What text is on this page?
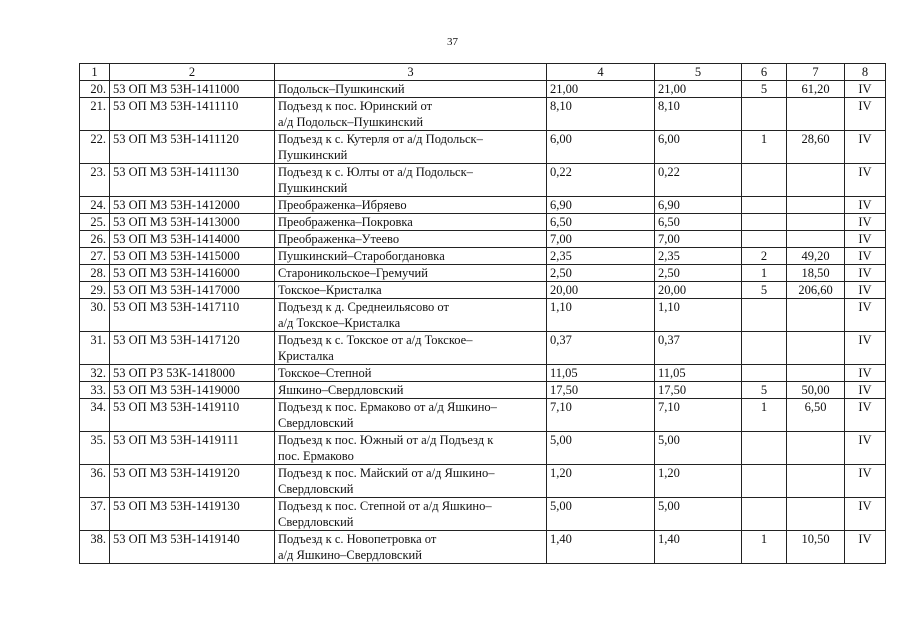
37
1	2	3	4	5	6	7	8
20.	53 ОП МЗ 53Н-1411000	Подольск–Пушкинский	21,00	21,00	5	61,20	IV
21.	53 ОП МЗ 53Н-1411110	Подъезд к пос. Юринский от
а/д Подольск–Пушкинский	8,10	8,10			IV
22.	53 ОП МЗ 53Н-1411120	Подъезд к с. Кутерля от а/д Подольск–
Пушкинский	6,00	6,00	1	28,60	IV
23.	53 ОП МЗ 53Н-1411130	Подъезд к с. Юлты от а/д Подольск–
Пушкинский	0,22	0,22			IV
24.	53 ОП МЗ 53Н-1412000	Преображенка–Ибряево	6,90	6,90			IV
25.	53 ОП МЗ 53Н-1413000	Преображенка–Покровка	6,50	6,50			IV
26.	53 ОП МЗ 53Н-1414000	Преображенка–Утеево	7,00	7,00			IV
27.	53 ОП МЗ 53Н-1415000	Пушкинский–Старобогдановка	2,35	2,35	2	49,20	IV
28.	53 ОП МЗ 53Н-1416000	Староникольское–Гремучий	2,50	2,50	1	18,50	IV
29.	53 ОП МЗ 53Н-1417000	Токское–Кристалка	20,00	20,00	5	206,60	IV
30.	53 ОП МЗ 53Н-1417110	Подъезд к д. Среднеильясово от
а/д Токское–Кристалка	1,10	1,10			IV
31.	53 ОП МЗ 53Н-1417120	Подъезд к с. Токское от а/д Токское–
Кристалка	0,37	0,37			IV
32.	53 ОП РЗ 53К-1418000	Токское–Степной	11,05	11,05			IV
33.	53 ОП МЗ 53Н-1419000	Яшкино–Свердловский	17,50	17,50	5	50,00	IV
34.	53 ОП МЗ 53Н-1419110	Подъезд к пос. Ермаково от а/д Яшкино–
Свердловский	7,10	7,10	1	6,50	IV
35.	53 ОП МЗ 53Н-1419111	Подъезд к пос. Южный от а/д Подъезд к
пос. Ермаково	5,00	5,00			IV
36.	53 ОП МЗ 53Н-1419120	Подъезд к пос. Майский от а/д Яшкино–
Свердловский	1,20	1,20			IV
37.	53 ОП МЗ 53Н-1419130	Подъезд к пос. Степной от а/д Яшкино–
Свердловский	5,00	5,00			IV
38.	53 ОП МЗ 53Н-1419140	Подъезд к с. Новопетровка от
а/д Яшкино–Свердловский	1,40	1,40	1	10,50	IV
